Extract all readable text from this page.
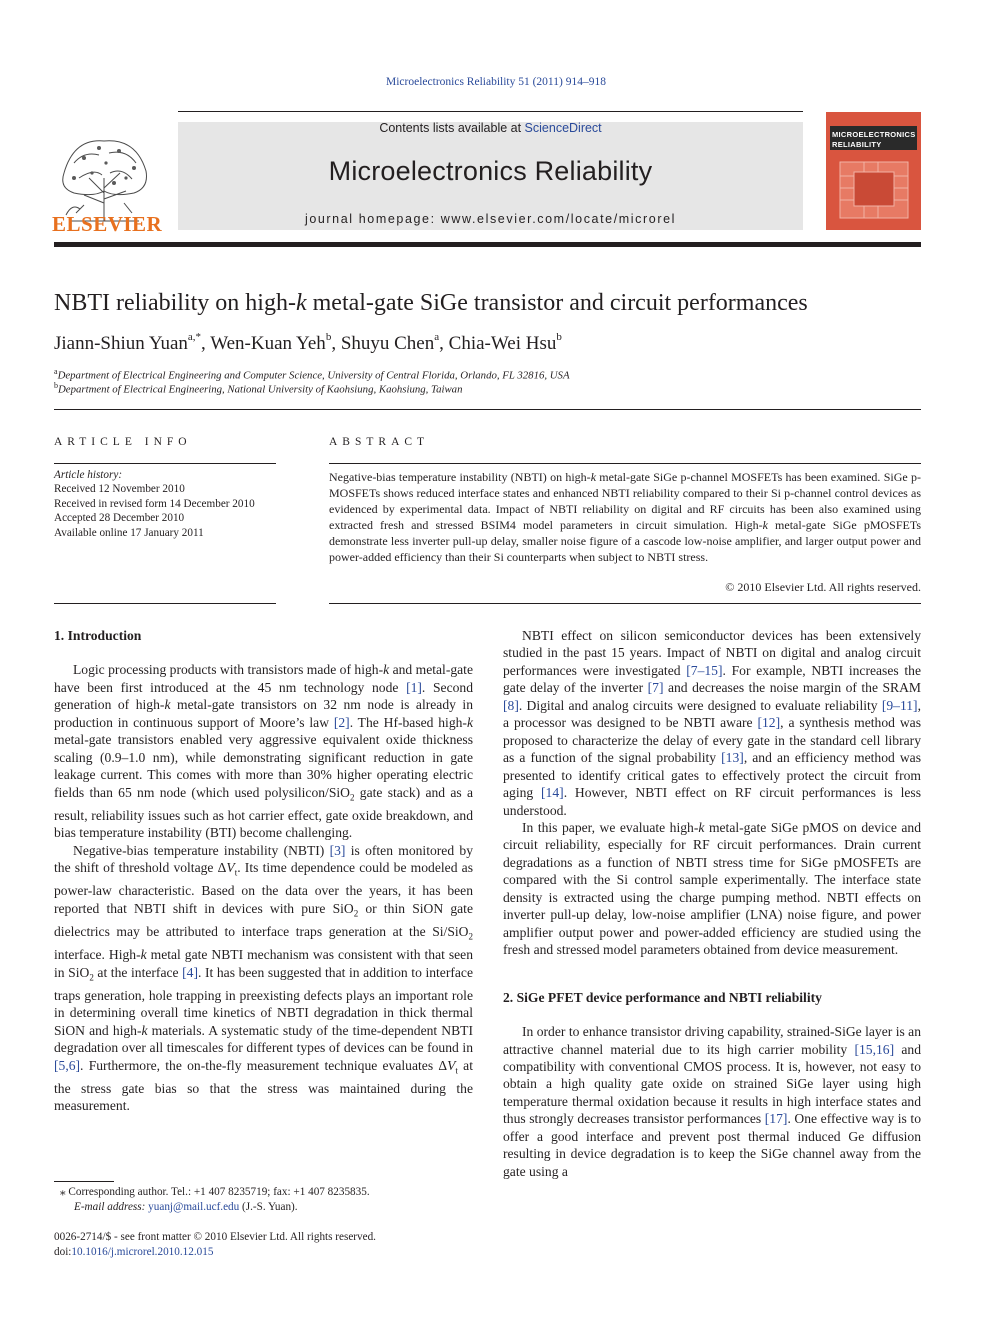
Microelectronics Reliability 51 (2011) 914–918
ELSEVIER
Contents lists available at ScienceDirect
Microelectronics Reliability
journal homepage: www.elsevier.com/locate/microrel
MICROELECTRONICS RELIABILITY
NBTI reliability on high-k metal-gate SiGe transistor and circuit performances
Jiann-Shiun Yuan$^{a,*}$, Wen-Kuan Yeh$^b$, Shuyu Chen$^a$, Chia-Wei Hsu$^b$
$^a$Department of Electrical Engineering and Computer Science, University of Central Florida, Orlando, FL 32816, USA
$^b$Department of Electrical Engineering, National University of Kaohsiung, Kaohsiung, Taiwan
ARTICLE INFO
Article history:
Received 12 November 2010
Received in revised form 14 December 2010
Accepted 28 December 2010
Available online 17 January 2011
ABSTRACT
Negative-bias temperature instability (NBTI) on high-k metal-gate SiGe p-channel MOSFETs has been examined. SiGe p-MOSFETs shows reduced interface states and enhanced NBTI reliability compared to their Si p-channel control devices as evidenced by experimental data. Impact of NBTI reliability on digital and RF circuits has been also examined using extracted fresh and stressed BSIM4 model parameters in circuit simulation. High-k metal-gate SiGe pMOSFETs demonstrate less inverter pull-up delay, smaller noise figure of a cascode low-noise amplifier, and larger output power and power-added efficiency than their Si counterparts when subject to NBTI stress.
© 2010 Elsevier Ltd. All rights reserved.
1. Introduction

Logic processing products with transistors made of high-k and metal-gate have been first introduced at the 45 nm technology node [1]. Second generation of high-k metal-gate transistors on 32 nm node is already in production in continuous support of Moore’s law [2]. The Hf-based high-k metal-gate transistors enabled very aggressive equivalent oxide thickness scaling (0.9–1.0 nm), while demonstrating significant reduction in gate leakage current. This comes with more than 30% higher operating electric fields than 65 nm node (which used polysilicon/SiO$_2$ gate stack) and as a result, reliability issues such as hot carrier effect, gate oxide breakdown, and bias temperature instability (BTI) become challenging.

Negative-bias temperature instability (NBTI) [3] is often monitored by the shift of threshold voltage $\Delta V_t$. Its time dependence could be modeled as power-law characteristic. Based on the data over the years, it has been reported that NBTI shift in devices with pure SiO$_2$ or thin SiON gate dielectrics may be attributed to interface traps generation at the Si/SiO$_2$ interface. High-k metal gate NBTI mechanism was consistent with that seen in SiO$_2$ at the interface [4]. It has been suggested that in addition to interface traps generation, hole trapping in preexisting defects plays an important role in determining overall time kinetics of NBTI degradation in thick thermal SiON and high-k materials. A systematic study of the time-dependent NBTI degradation over all timescales for different types of devices can be found in [5,6]. Furthermore, the on-the-fly measurement technique evaluates $\Delta V_t$ at the stress gate bias so that the stress was maintained during the measurement.

⁎ Corresponding author. Tel.: +1 407 8235719; fax: +1 407 8235835.
E-mail address: yuanj@mail.ucf.edu (J.-S. Yuan).
0026-2714/$ - see front matter © 2010 Elsevier Ltd. All rights reserved.
doi:10.1016/j.microrel.2010.12.015

NBTI effect on silicon semiconductor devices has been extensively studied in the past 15 years. Impact of NBTI on digital and analog circuit performances were investigated [7–15]. For example, NBTI increases the gate delay of the inverter [7] and decreases the noise margin of the SRAM [8]. Digital and analog circuits were designed to evaluate reliability [9–11], a processor was designed to be NBTI aware [12], a synthesis method was proposed to characterize the delay of every gate in the standard cell library as a function of the signal probability [13], and an efficiency method was presented to identify critical gates to effectively protect the circuit from aging [14]. However, NBTI effect on RF circuit performances is less understood.

In this paper, we evaluate high-k metal-gate SiGe pMOS on device and circuit reliability, especially for RF circuit performances. Drain current degradations as a function of NBTI stress time for SiGe pMOSFETs are compared with the Si control sample experimentally. The interface state density is extracted using the charge pumping method. NBTI effects on inverter pull-up delay, low-noise amplifier (LNA) noise figure, and power amplifier output power and power-added efficiency are studied using the fresh and stressed model parameters obtained from device measurement.

2. SiGe PFET device performance and NBTI reliability

In order to enhance transistor driving capability, strained-SiGe layer is an attractive channel material due to its high carrier mobility [15,16] and compatibility with conventional CMOS process. It is, however, not easy to obtain a high quality gate oxide on strained SiGe layer using high temperature thermal oxidation because it results in high interface states and thus strongly decreases transistor performances [17]. One effective way is to offer a good interface and prevent post thermal induced Ge diffusion resulting in device degradation is to keep the SiGe channel away from the gate using a
